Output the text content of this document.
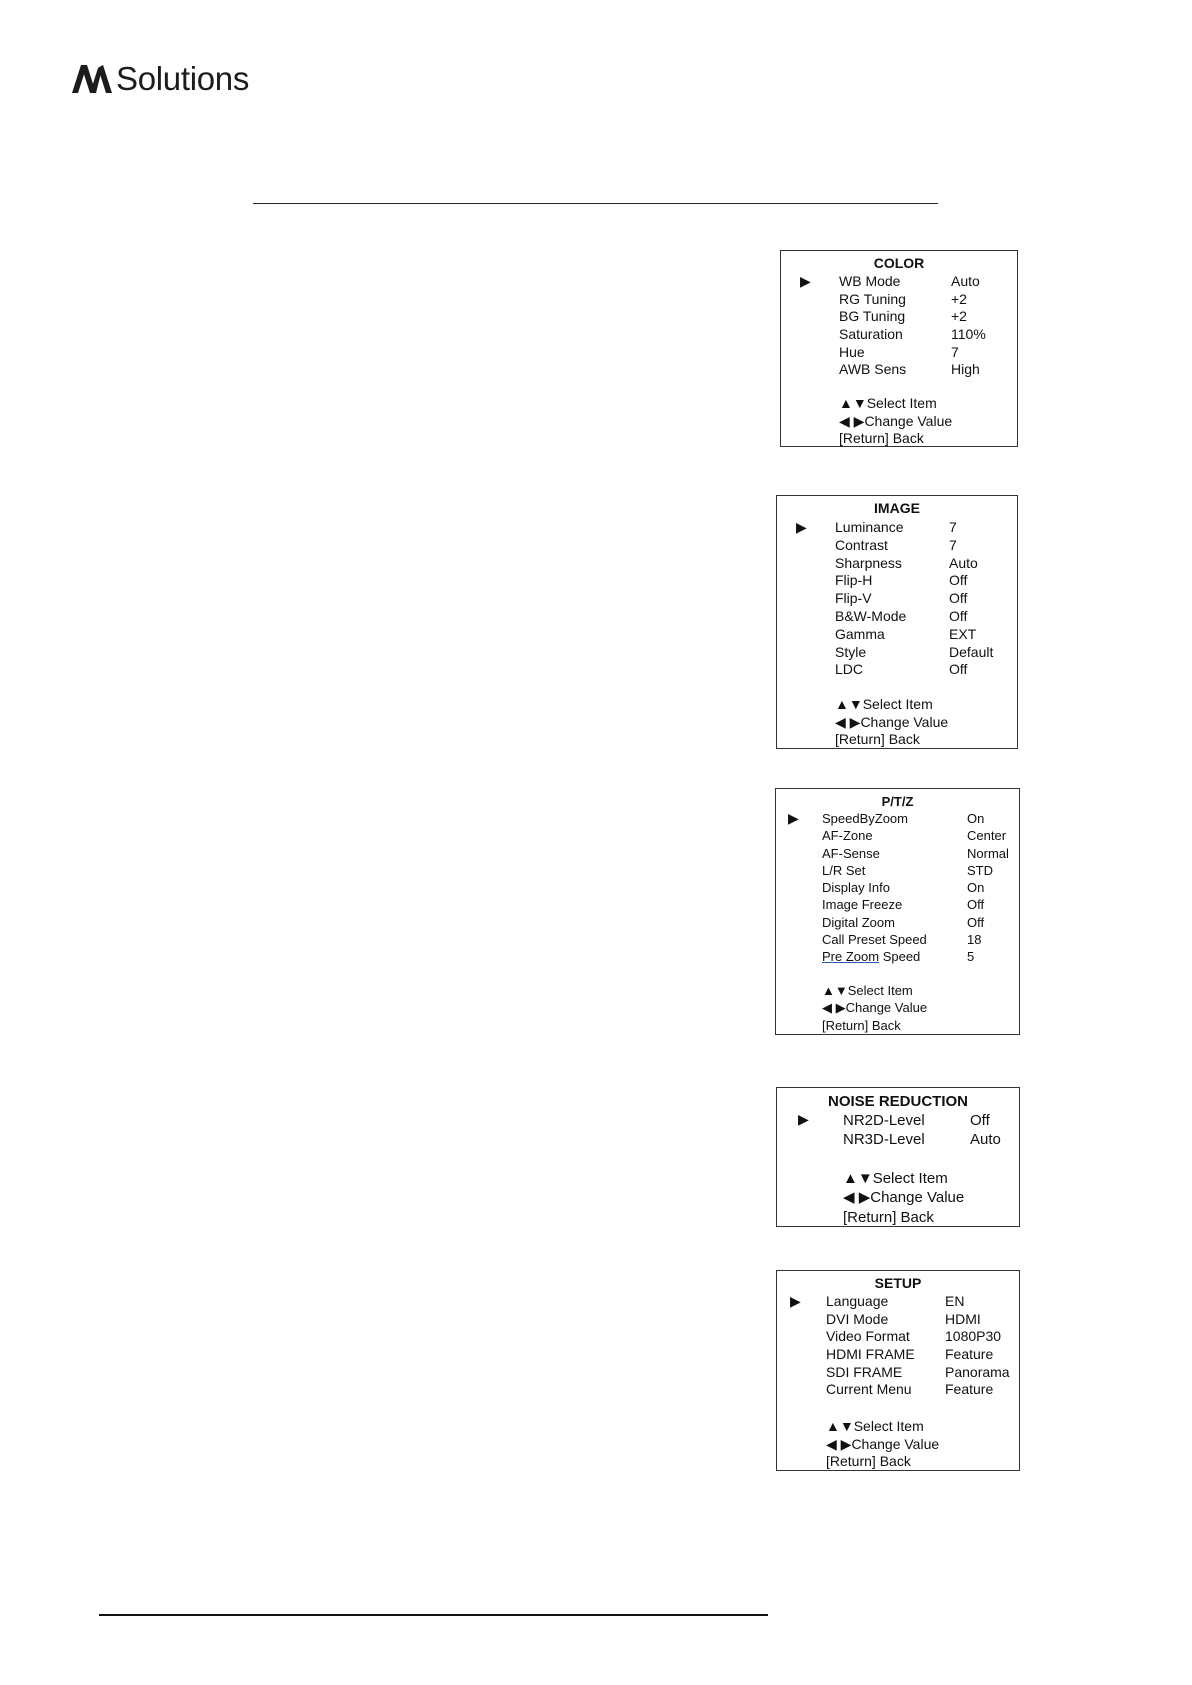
Solutions
COLOR
▶ WB Mode	Auto
RG Tuning	+2
BG Tuning	+2
Saturation	110%
Hue	7
AWB Sens	High
▲▼Select Item
◀ ▶Change Value
[Return] Back
IMAGE
▶ Luminance	7
Contrast	7
Sharpness	Auto
Flip-H	Off
Flip-V	Off
B&W-Mode	Off
Gamma	EXT
Style	Default
LDC	Off
▲▼Select Item
◀ ▶Change Value
[Return] Back
P/T/Z
▶ SpeedByZoom	On
AF-Zone	Center
AF-Sense	Normal
L/R Set	STD
Display Info	On
Image Freeze	Off
Digital Zoom	Off
Call Preset Speed	18
Pre Zoom Speed	5
▲▼Select Item
◀ ▶Change Value
[Return] Back
NOISE REDUCTION
▶ NR2D-Level	Off
NR3D-Level	Auto
▲▼Select Item
◀ ▶Change Value
[Return] Back
SETUP
▶ Language	EN
DVI Mode	HDMI
Video Format	1080P30
HDMI FRAME	Feature
SDI FRAME	Panorama
Current Menu	Feature
▲▼Select Item
◀ ▶Change Value
[Return] Back
